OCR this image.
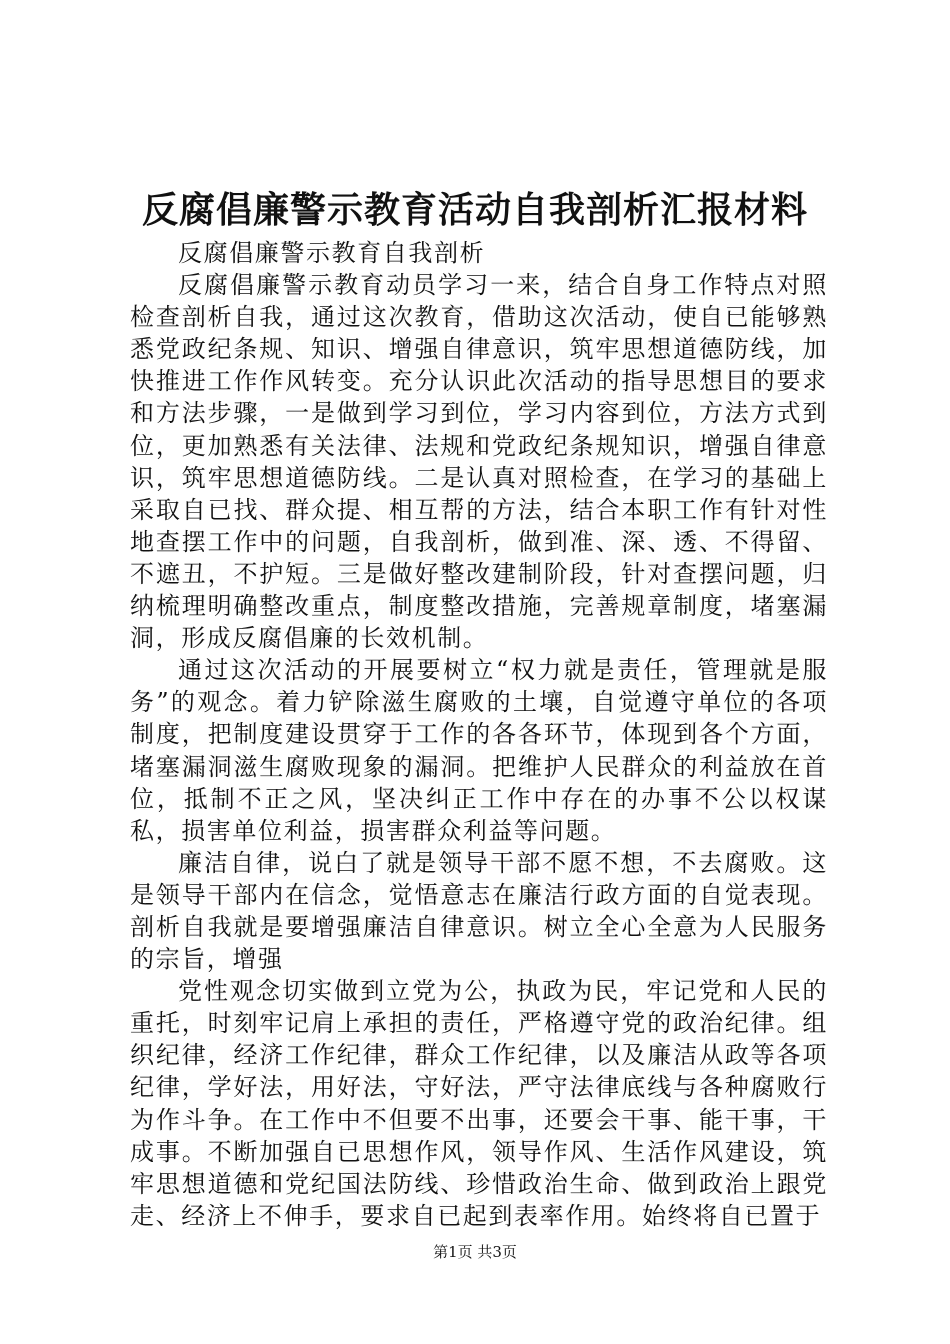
反腐倡廉警示教育活动自我剖析汇报材料

反腐倡廉警示教育自我剖析

反腐倡廉警示教育动员学习一来，结合自身工作特点对照检查剖析自我，通过这次教育，借助这次活动，使自已能够熟悉党政纪条规、知识、增强自律意识，筑牢思想道德防线，加快推进工作作风转变。充分认识此次活动的指导思想目的要求和方法步骤，一是做到学习到位，学习内容到位，方法方式到位，更加熟悉有关法律、法规和党政纪条规知识，增强自律意识，筑牢思想道德防线。二是认真对照检查，在学习的基础上采取自已找、群众提、相互帮的方法，结合本职工作有针对性地查摆工作中的问题，自我剖析，做到准、深、透、不得留、不遮丑，不护短。三是做好整改建制阶段，针对查摆问题，归纳梳理明确整改重点，制度整改措施，完善规章制度，堵塞漏洞，形成反腐倡廉的长效机制。

通过这次活动的开展要树立“权力就是责任，管理就是服务”的观念。着力铲除滋生腐败的土壤，自觉遵守单位的各项制度，把制度建设贯穿于工作的各各环节，体现到各个方面，堵塞漏洞滋生腐败现象的漏洞。把维护人民群众的利益放在首位，抵制不正之风，坚决纠正工作中存在的办事不公以权谋私，损害单位利益，损害群众利益等问题。

廉洁自律，说白了就是领导干部不愿不想，不去腐败。这是领导干部内在信念，觉悟意志在廉洁行政方面的自觉表现。剖析自我就是要增强廉洁自律意识。树立全心全意为人民服务的宗旨，增强

党性观念切实做到立党为公，执政为民，牢记党和人民的重托，时刻牢记肩上承担的责任，严格遵守党的政治纪律。组织纪律，经济工作纪律，群众工作纪律，以及廉洁从政等各项纪律，学好法，用好法，守好法，严守法律底线与各种腐败行为作斗争。在工作中不但要不出事，还要会干事、能干事，干成事。不断加强自已思想作风，领导作风、生活作风建设，筑牢思想道德和党纪国法防线、珍惜政治生命、做到政治上跟党走、经济上不伸手，要求自已起到表率作用。始终将自已置于

第1页 共3页
